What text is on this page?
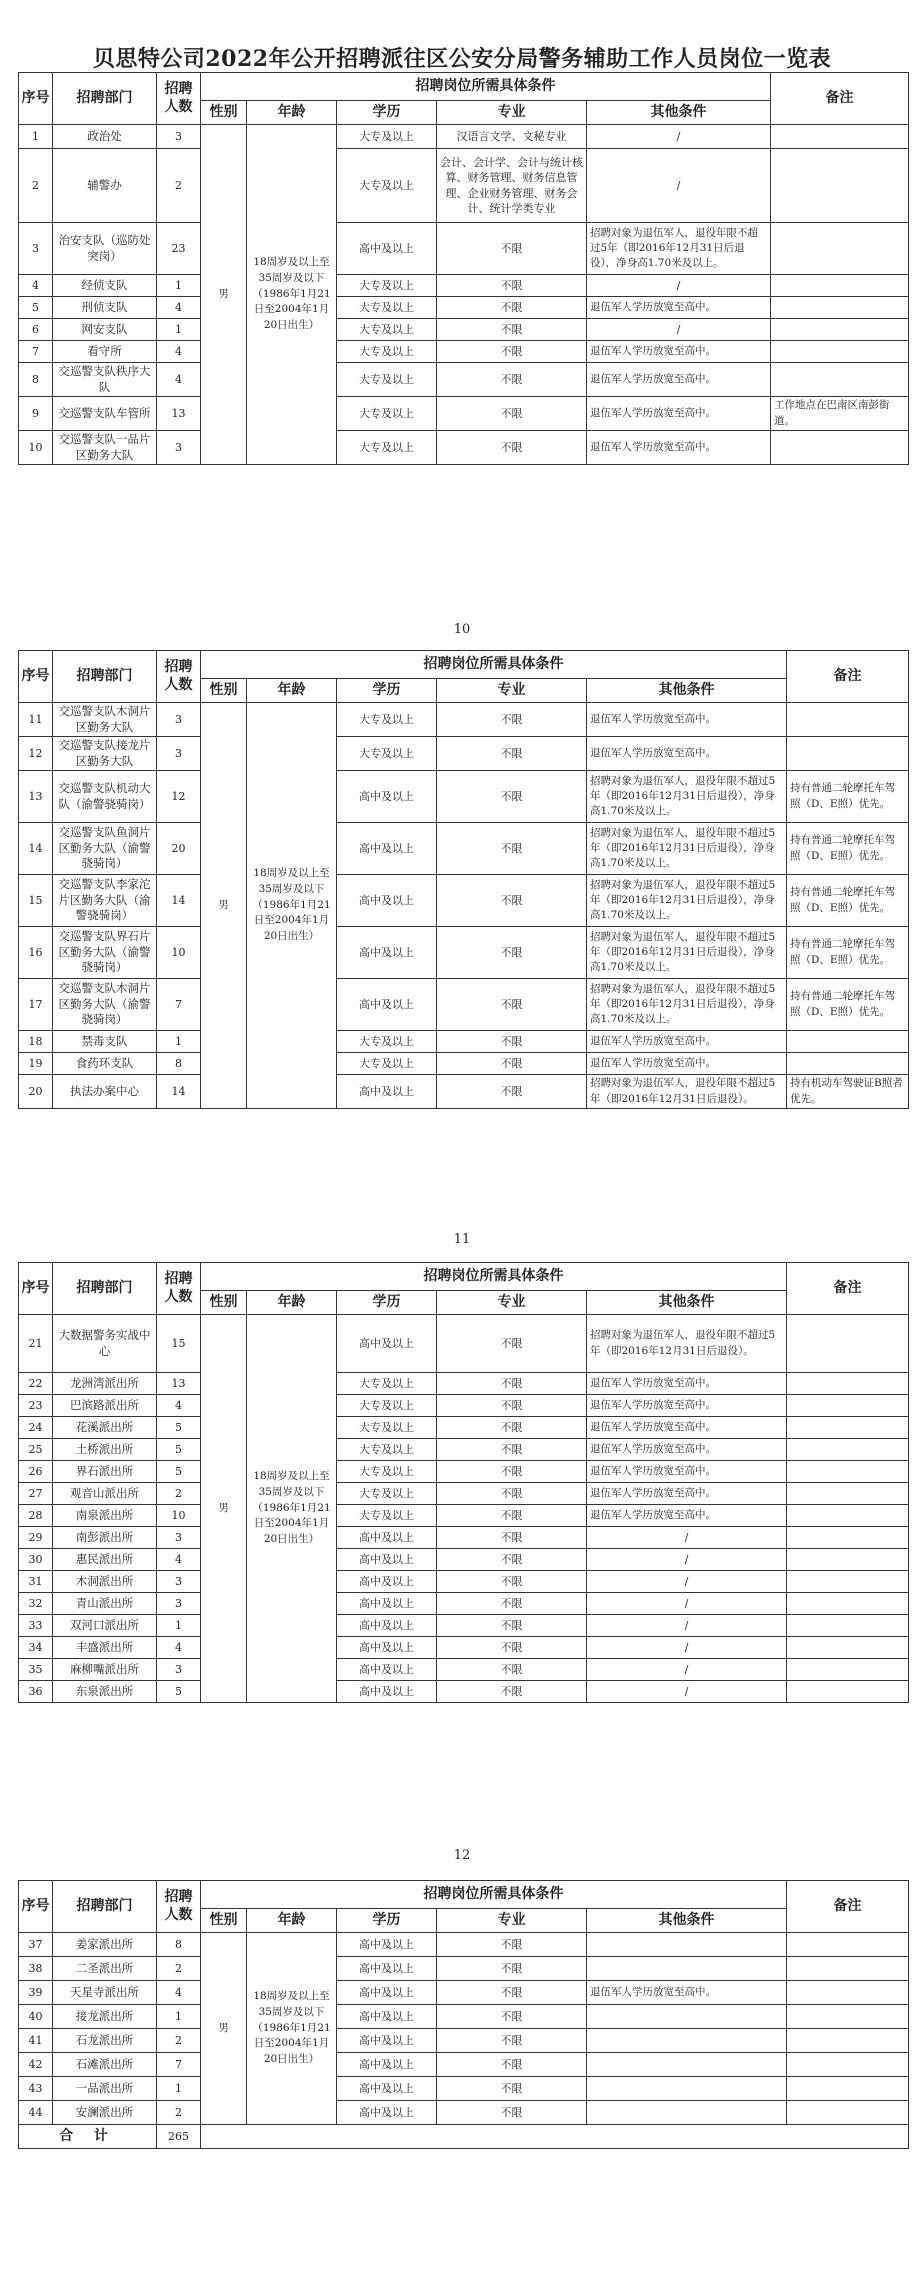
贝思特公司2022年公开招聘派往区公安分局警务辅助工作人员岗位一览表
序号	招聘部门	招聘人数	招聘岗位所需具体条件					备注
			性别	年龄	学历	专业	其他条件	
1	政治处	3	男	18周岁及以上至35周岁及以下（1986年1月21日至2004年1月20日出生）	大专及以上	汉语言文学、文秘专业	/	
2	辅警办	2			大专及以上	会计、会计学、会计与统计核算、财务管理、财务信息管理、企业财务管理、财务会计、统计学类专业	/	
3	治安支队（巡防处突岗）	23			高中及以上	不限	招聘对象为退伍军人，退役年限不超过5年（即2016年12月31日后退役），净身高1.70米及以上。	
4	经侦支队	1			大专及以上	不限	/	
5	刑侦支队	4			大专及以上	不限	退伍军人学历放宽至高中。	
6	网安支队	1			大专及以上	不限	/	
7	看守所	4			大专及以上	不限	退伍军人学历放宽至高中。	
8	交巡警支队秩序大队	4			大专及以上	不限	退伍军人学历放宽至高中。	
9	交巡警支队车管所	13			大专及以上	不限	退伍军人学历放宽至高中。	工作地点在巴南区南彭街道。
10	交巡警支队一品片区勤务大队	3			大专及以上	不限	退伍军人学历放宽至高中。	
10
序号	招聘部门	招聘人数	招聘岗位所需具体条件					备注
			性别	年龄	学历	专业	其他条件	
11	交巡警支队木洞片区勤务大队	3	男	18周岁及以上至35周岁及以下（1986年1月21日至2004年1月20日出生）	大专及以上	不限	退伍军人学历放宽至高中。	
12	交巡警支队接龙片区勤务大队	3			大专及以上	不限	退伍军人学历放宽至高中。	
13	交巡警支队机动大队（渝警骁骑岗）	12			高中及以上	不限	招聘对象为退伍军人，退役年限不超过5年（即2016年12月31日后退役），净身高1.70米及以上。	持有普通二轮摩托车驾照（D、E照）优先。
14	交巡警支队鱼洞片区勤务大队（渝警骁骑岗）	20			高中及以上	不限	招聘对象为退伍军人，退役年限不超过5年（即2016年12月31日后退役），净身高1.70米及以上。	持有普通二轮摩托车驾照（D、E照）优先。
15	交巡警支队李家沱片区勤务大队（渝警骁骑岗）	14			高中及以上	不限	招聘对象为退伍军人，退役年限不超过5年（即2016年12月31日后退役），净身高1.70米及以上。	持有普通二轮摩托车驾照（D、E照）优先。
16	交巡警支队界石片区勤务大队（渝警骁骑岗）	10			高中及以上	不限	招聘对象为退伍军人，退役年限不超过5年（即2016年12月31日后退役），净身高1.70米及以上。	持有普通二轮摩托车驾照（D、E照）优先。
17	交巡警支队木洞片区勤务大队（渝警骁骑岗）	7			高中及以上	不限	招聘对象为退伍军人，退役年限不超过5年（即2016年12月31日后退役），净身高1.70米及以上。	持有普通二轮摩托车驾照（D、E照）优先。
18	禁毒支队	1			大专及以上	不限	退伍军人学历放宽至高中。	
19	食药环支队	8			大专及以上	不限	退伍军人学历放宽至高中。	
20	执法办案中心	14			高中及以上	不限	招聘对象为退伍军人，退役年限不超过5年（即2016年12月31日后退役）。	持有机动车驾驶证B照者优先。
11
序号	招聘部门	招聘人数	招聘岗位所需具体条件					备注
			性别	年龄	学历	专业	其他条件	
21	大数据警务实战中心	15	男	18周岁及以上至35周岁及以下（1986年1月21日至2004年1月20日出生）	高中及以上	不限	招聘对象为退伍军人，退役年限不超过5年（即2016年12月31日后退役）。	
22	龙洲湾派出所	13			大专及以上	不限	退伍军人学历放宽至高中。	
23	巴滨路派出所	4			大专及以上	不限	退伍军人学历放宽至高中。	
24	花溪派出所	5			大专及以上	不限	退伍军人学历放宽至高中。	
25	土桥派出所	5			大专及以上	不限	退伍军人学历放宽至高中。	
26	界石派出所	5			大专及以上	不限	退伍军人学历放宽至高中。	
27	观音山派出所	2			大专及以上	不限	退伍军人学历放宽至高中。	
28	南泉派出所	10			大专及以上	不限	退伍军人学历放宽至高中。	
29	南彭派出所	3			高中及以上	不限	/	
30	惠民派出所	4			高中及以上	不限	/	
31	木洞派出所	3			高中及以上	不限	/	
32	青山派出所	3			高中及以上	不限	/	
33	双河口派出所	1			高中及以上	不限	/	
34	丰盛派出所	4			高中及以上	不限	/	
35	麻柳嘴派出所	3			高中及以上	不限	/	
36	东泉派出所	5			高中及以上	不限	/	
12
序号	招聘部门	招聘人数	招聘岗位所需具体条件					备注
			性别	年龄	学历	专业	其他条件	
37	姜家派出所	8	男	18周岁及以上至35周岁及以下（1986年1月21日至2004年1月20日出生）	高中及以上	不限		
38	二圣派出所	2			高中及以上	不限		
39	天星寺派出所	4			高中及以上	不限	退伍军人学历放宽至高中。	
40	接龙派出所	1			高中及以上	不限		
41	石龙派出所	2			高中及以上	不限		
42	石滩派出所	7			高中及以上	不限		
43	一品派出所	1			高中及以上	不限		
44	安澜派出所	2			高中及以上	不限		
合 计		265						
